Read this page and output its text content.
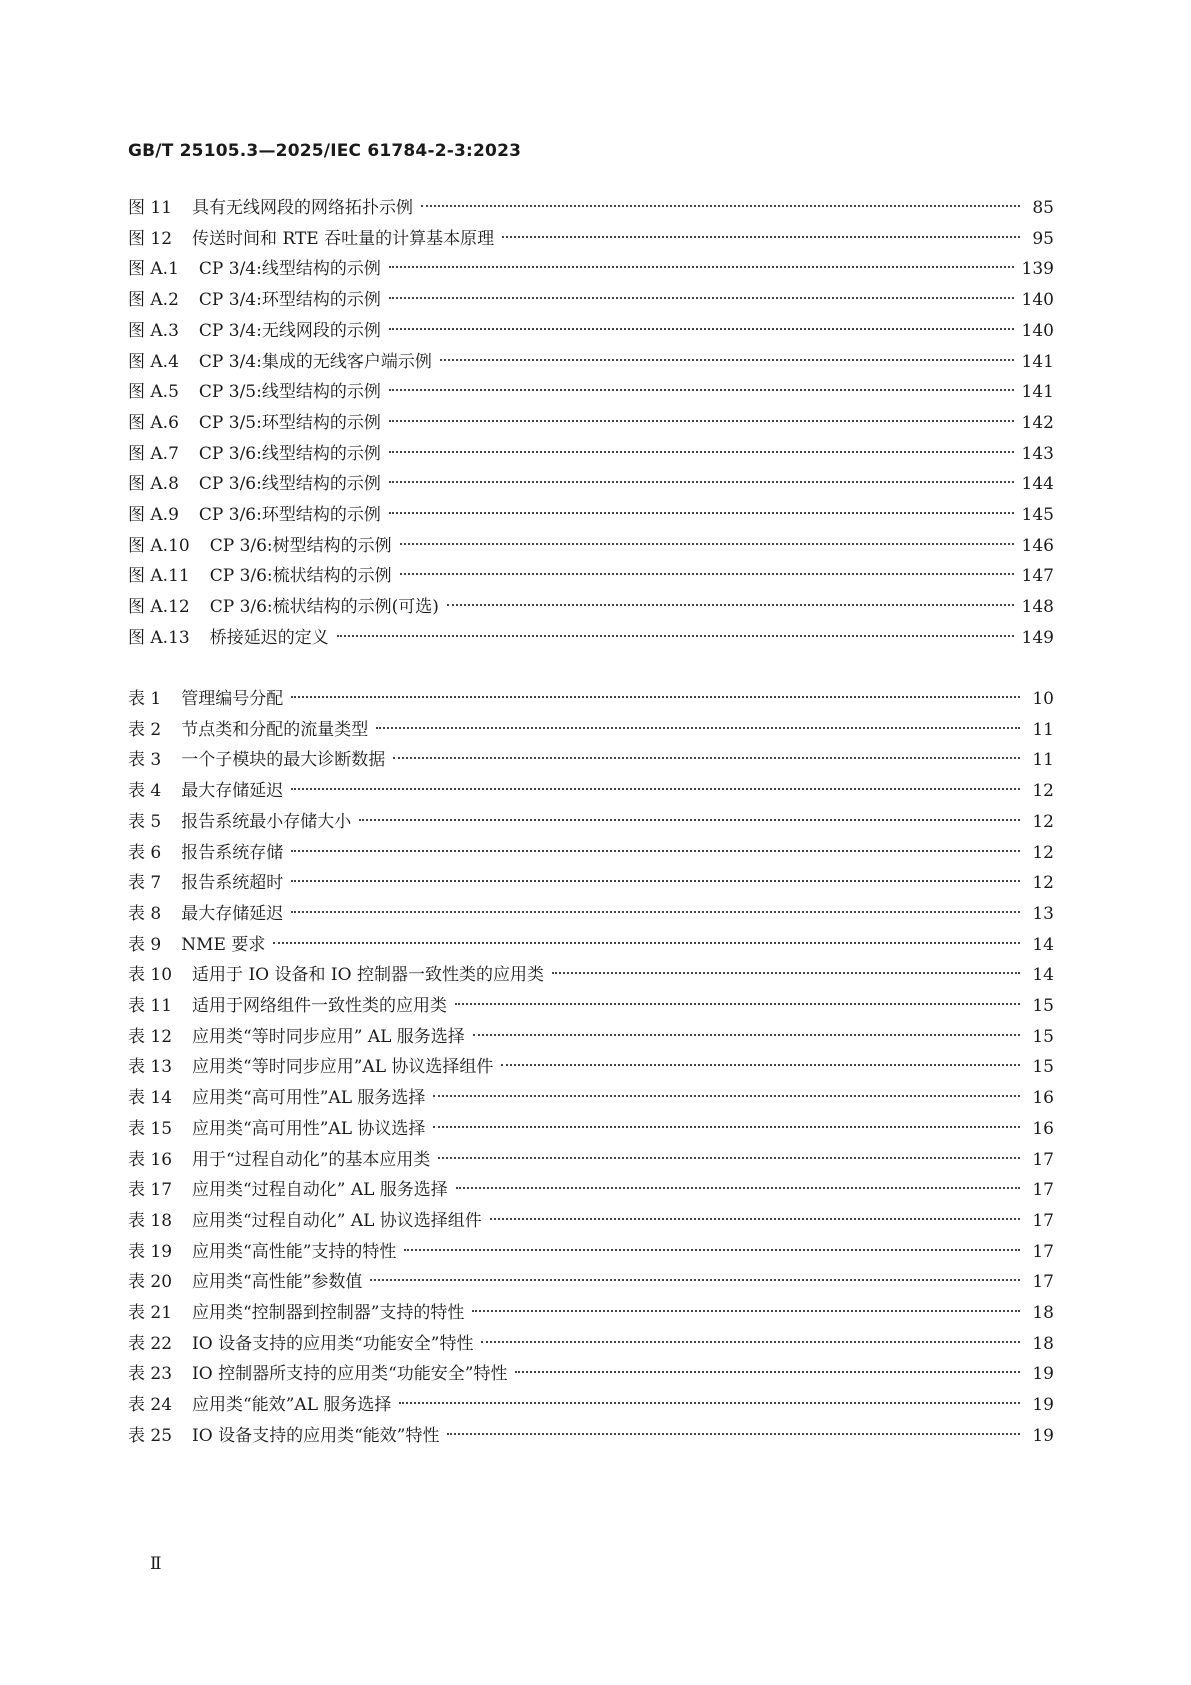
GB/T 25105.3—2025/IEC 61784-2-3:2023
图 11	具有无线网段的网络拓扑示例	85
图 12	传送时间和 RTE 吞吐量的计算基本原理	95
图 A.1	CP 3/4:线型结构的示例	139
图 A.2	CP 3/4:环型结构的示例	140
图 A.3	CP 3/4:无线网段的示例	140
图 A.4	CP 3/4:集成的无线客户端示例	141
图 A.5	CP 3/5:线型结构的示例	141
图 A.6	CP 3/5:环型结构的示例	142
图 A.7	CP 3/6:线型结构的示例	143
图 A.8	CP 3/6:线型结构的示例	144
图 A.9	CP 3/6:环型结构的示例	145
图 A.10	CP 3/6:树型结构的示例	146
图 A.11	CP 3/6:梳状结构的示例	147
图 A.12	CP 3/6:梳状结构的示例(可选)	148
图 A.13	桥接延迟的定义	149
表 1	管理编号分配	10
表 2	节点类和分配的流量类型	11
表 3	一个子模块的最大诊断数据	11
表 4	最大存储延迟	12
表 5	报告系统最小存储大小	12
表 6	报告系统存储	12
表 7	报告系统超时	12
表 8	最大存储延迟	13
表 9	NME 要求	14
表 10	适用于 IO 设备和 IO 控制器一致性类的应用类	14
表 11	适用于网络组件一致性类的应用类	15
表 12	应用类“等时同步应用” AL 服务选择	15
表 13	应用类“等时同步应用”AL 协议选择组件	15
表 14	应用类“高可用性”AL 服务选择	16
表 15	应用类“高可用性”AL 协议选择	16
表 16	用于“过程自动化”的基本应用类	17
表 17	应用类“过程自动化” AL 服务选择	17
表 18	应用类“过程自动化” AL 协议选择组件	17
表 19	应用类“高性能”支持的特性	17
表 20	应用类“高性能”参数值	17
表 21	应用类“控制器到控制器”支持的特性	18
表 22	IO 设备支持的应用类“功能安全”特性	18
表 23	IO 控制器所支持的应用类“功能安全”特性	19
表 24	应用类“能效”AL 服务选择	19
表 25	IO 设备支持的应用类“能效”特性	19
Ⅱ
